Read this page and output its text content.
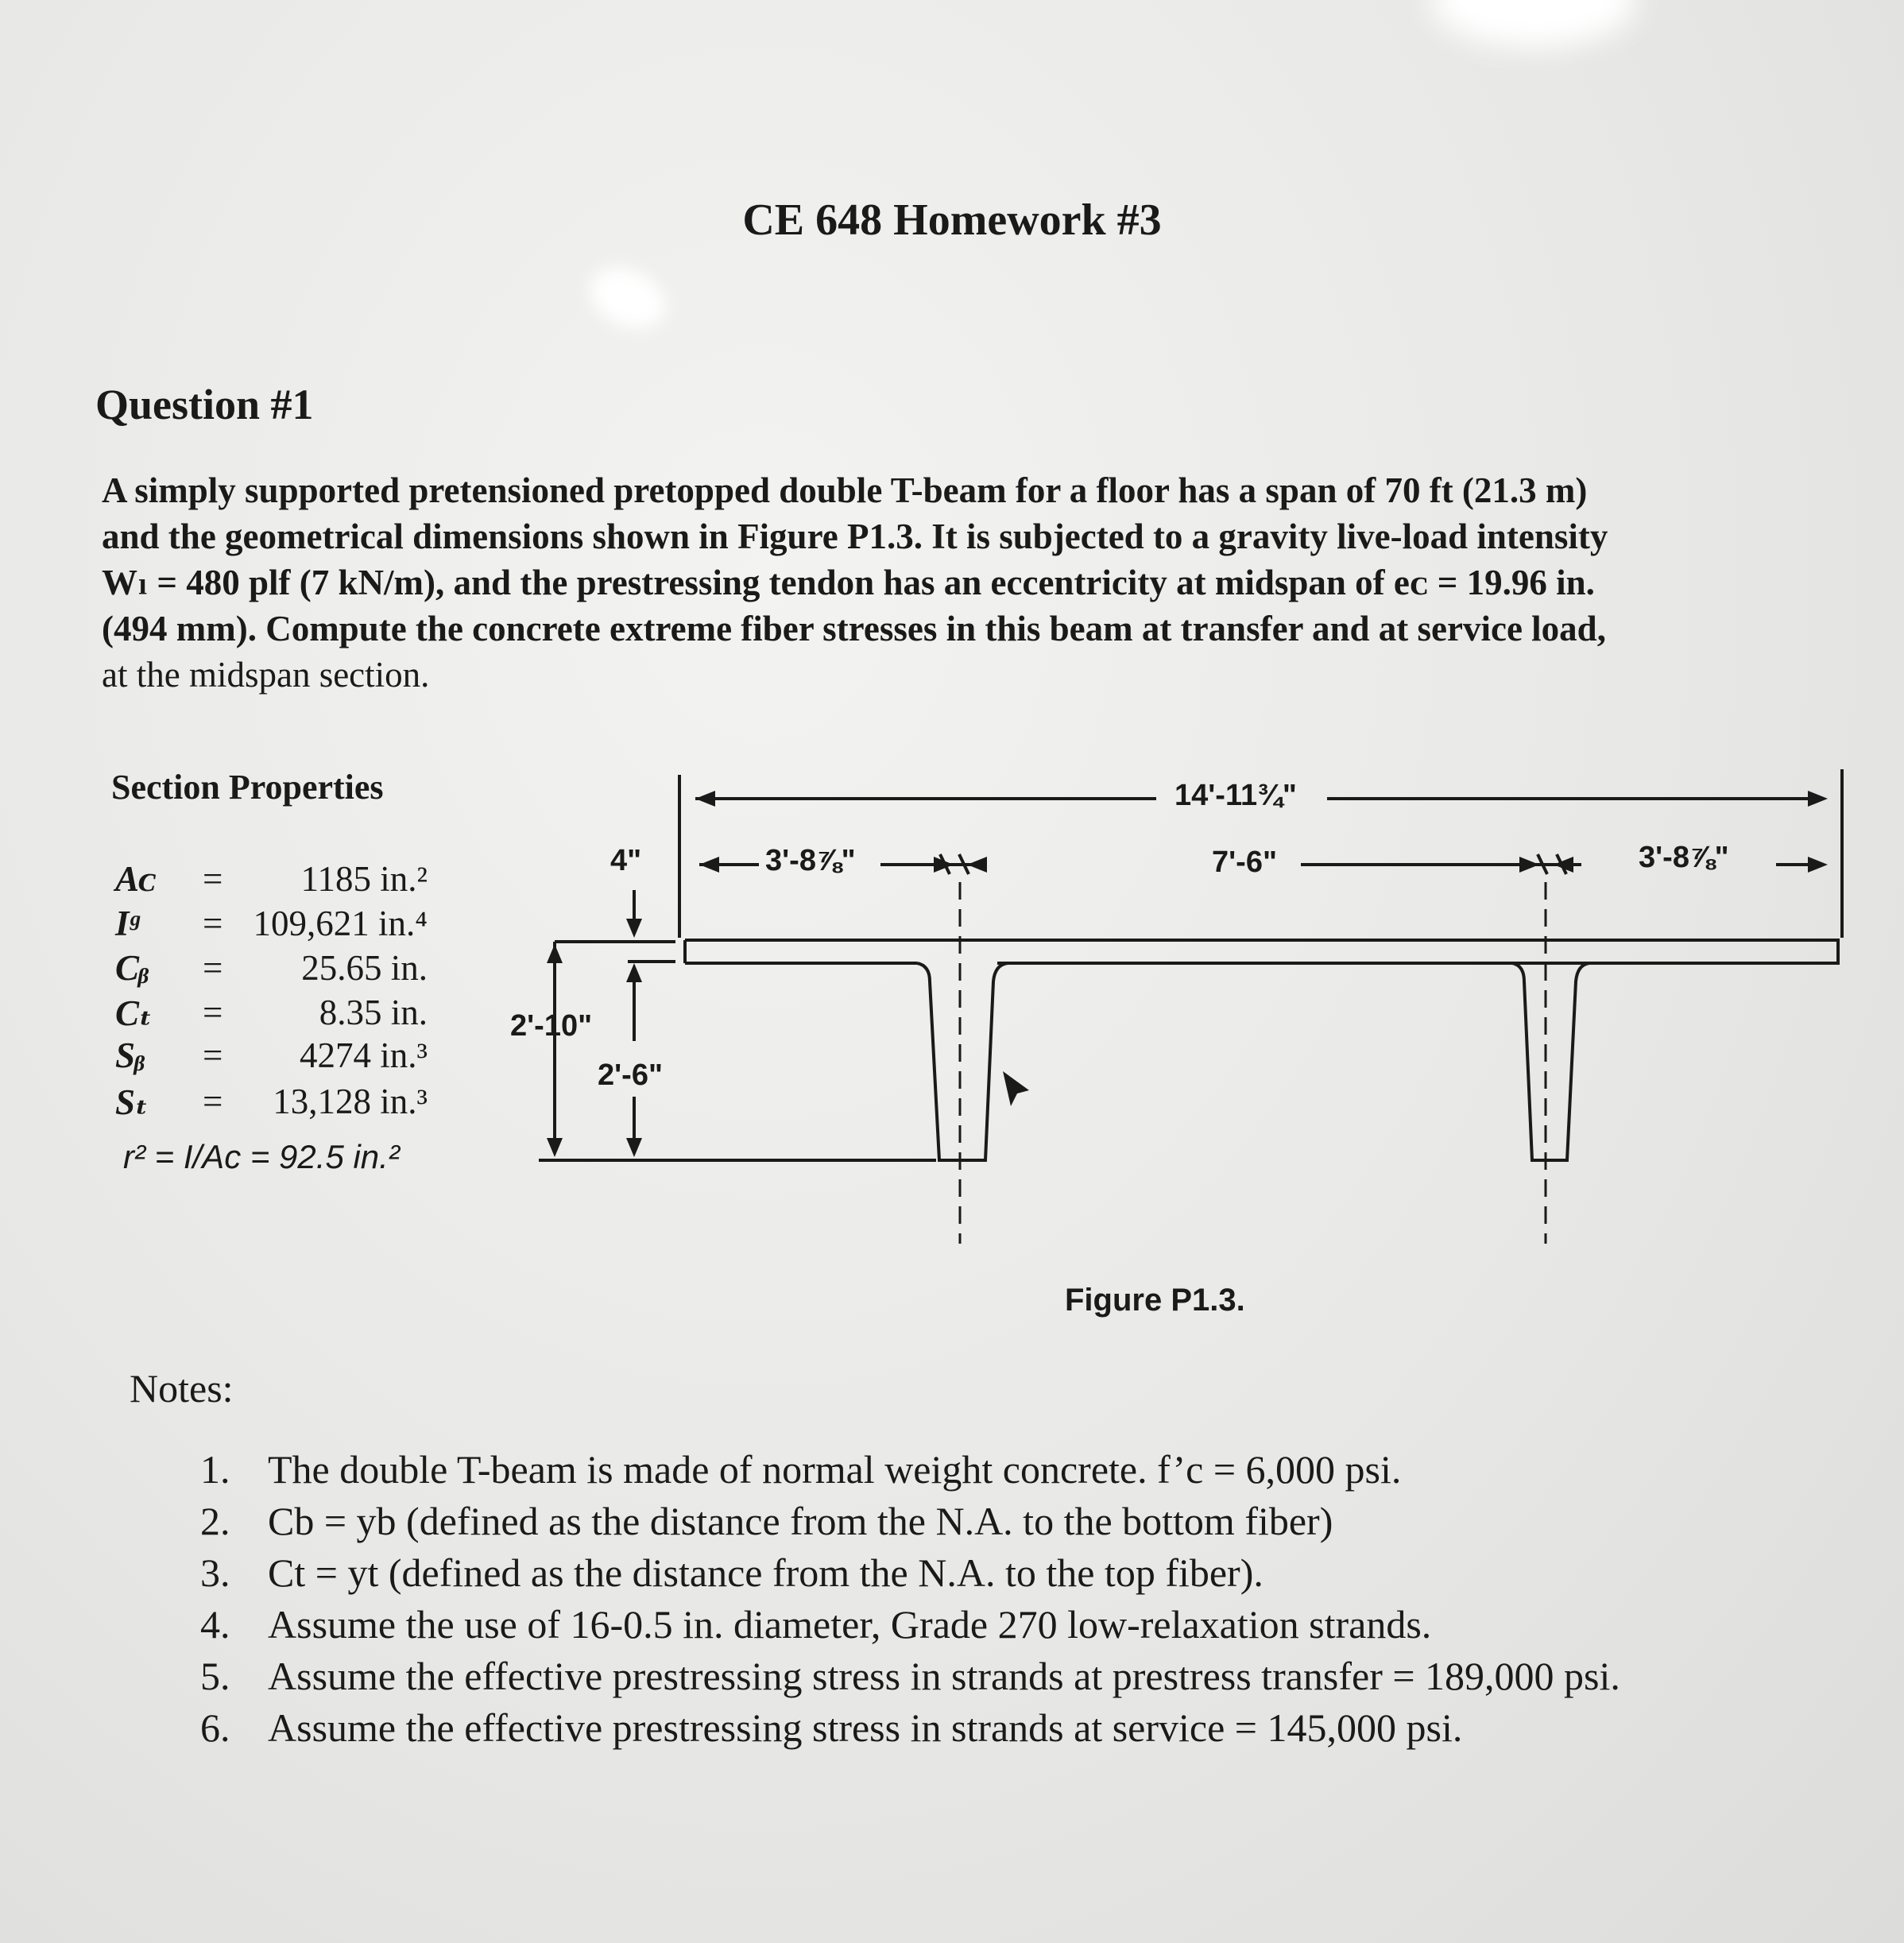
CE 648 Homework #3
Question #1
A simply supported pretensioned pretopped double T-beam for a floor has a span of 70 ft (21.3 m)
and the geometrical dimensions shown in Figure P1.3. It is subjected to a gravity live-load intensity
Wₗ = 480 plf (7 kN/m), and the prestressing tendon has an eccentricity at midspan of eᴄ = 19.96 in.
(494 mm). Compute the concrete extreme fiber stresses in this beam at transfer and at service load,
at the midspan section.
Section Properties
Aᴄ = 1185 in.²
Iᵍ = 109,621 in.⁴
Cᵦ = 25.65 in.
Cₜ =	8.35 in.
Sᵦ = 4274 in.³
Sₜ = 13,128 in.³
r² = I/Aᴄ = 92.5 in.²
14'-11¾"
3'-8⅞"	7'-6"	3'-8⅞"
4"
2'-10"
2'-6"
Figure P1.3.
Notes:
1. The double T-beam is made of normal weight concrete. f’c = 6,000 psi.
2. Cb = yb (defined as the distance from the N.A. to the bottom fiber)
3. Ct = yt (defined as the distance from the N.A. to the top fiber).
4. Assume the use of 16-0.5 in. diameter, Grade 270 low-relaxation strands.
5. Assume the effective prestressing stress in strands at prestress transfer = 189,000 psi.
6. Assume the effective prestressing stress in strands at service = 145,000 psi.
